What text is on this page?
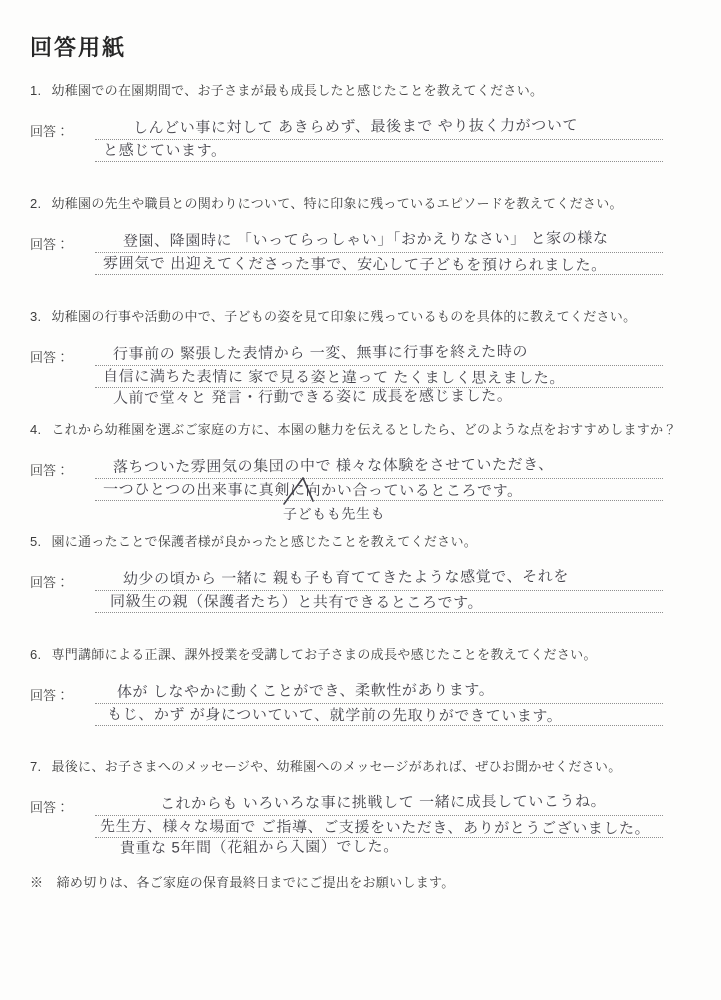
回答用紙
1. 幼稚園での在園期間で、お子さまが最も成長したと感じたことを教えてください。
回答：	しんどい事に対して あきらめず、最後まで やり抜く力がついて
と感じています。
2. 幼稚園の先生や職員との関わりについて、特に印象に残っているエピソードを教えてください。
回答：	登園、降園時に 「いってらっしゃい」「おかえりなさい」 と家の様な
雰囲気で 出迎えてくださった事で、安心して子どもを預けられました。
3. 幼稚園の行事や活動の中で、子どもの姿を見て印象に残っているものを具体的に教えてください。
回答：	行事前の 緊張した表情から 一変、無事に行事を終えた時の
自信に満ちた表情に 家で見る姿と違って たくましく思えました。
人前で堂々と 発言・行動できる姿に 成長を感じました。
4. これから幼稚園を選ぶご家庭の方に、本園の魅力を伝えるとしたら、どのような点をおすすめしますか？
回答：	落ちついた雰囲気の集団の中で 様々な体験をさせていただき、
一つひとつの出来事に真剣に向かい合っているところです。
子どもも先生も
5. 園に通ったことで保護者様が良かったと感じたことを教えてください。
回答：	幼少の頃から 一緒に 親も子も育ててきたような感覚で、それを
同級生の親（保護者たち）と共有できるところです。
6. 専門講師による正課、課外授業を受講してお子さまの成長や感じたことを教えてください。
回答：	体が しなやかに動くことができ、柔軟性があります。
もじ、かず が身についていて、就学前の先取りができています。
7. 最後に、お子さまへのメッセージや、幼稚園へのメッセージがあれば、ぜひお聞かせください。
回答：	これからも いろいろな事に挑戦して 一緒に成長していこうね。
先生方、様々な場面で ご指導、ご支援をいただき、ありがとうございました。
貴重な 5年間（花組から入園）でした。
※　締め切りは、各ご家庭の保育最終日までにご提出をお願いします。
